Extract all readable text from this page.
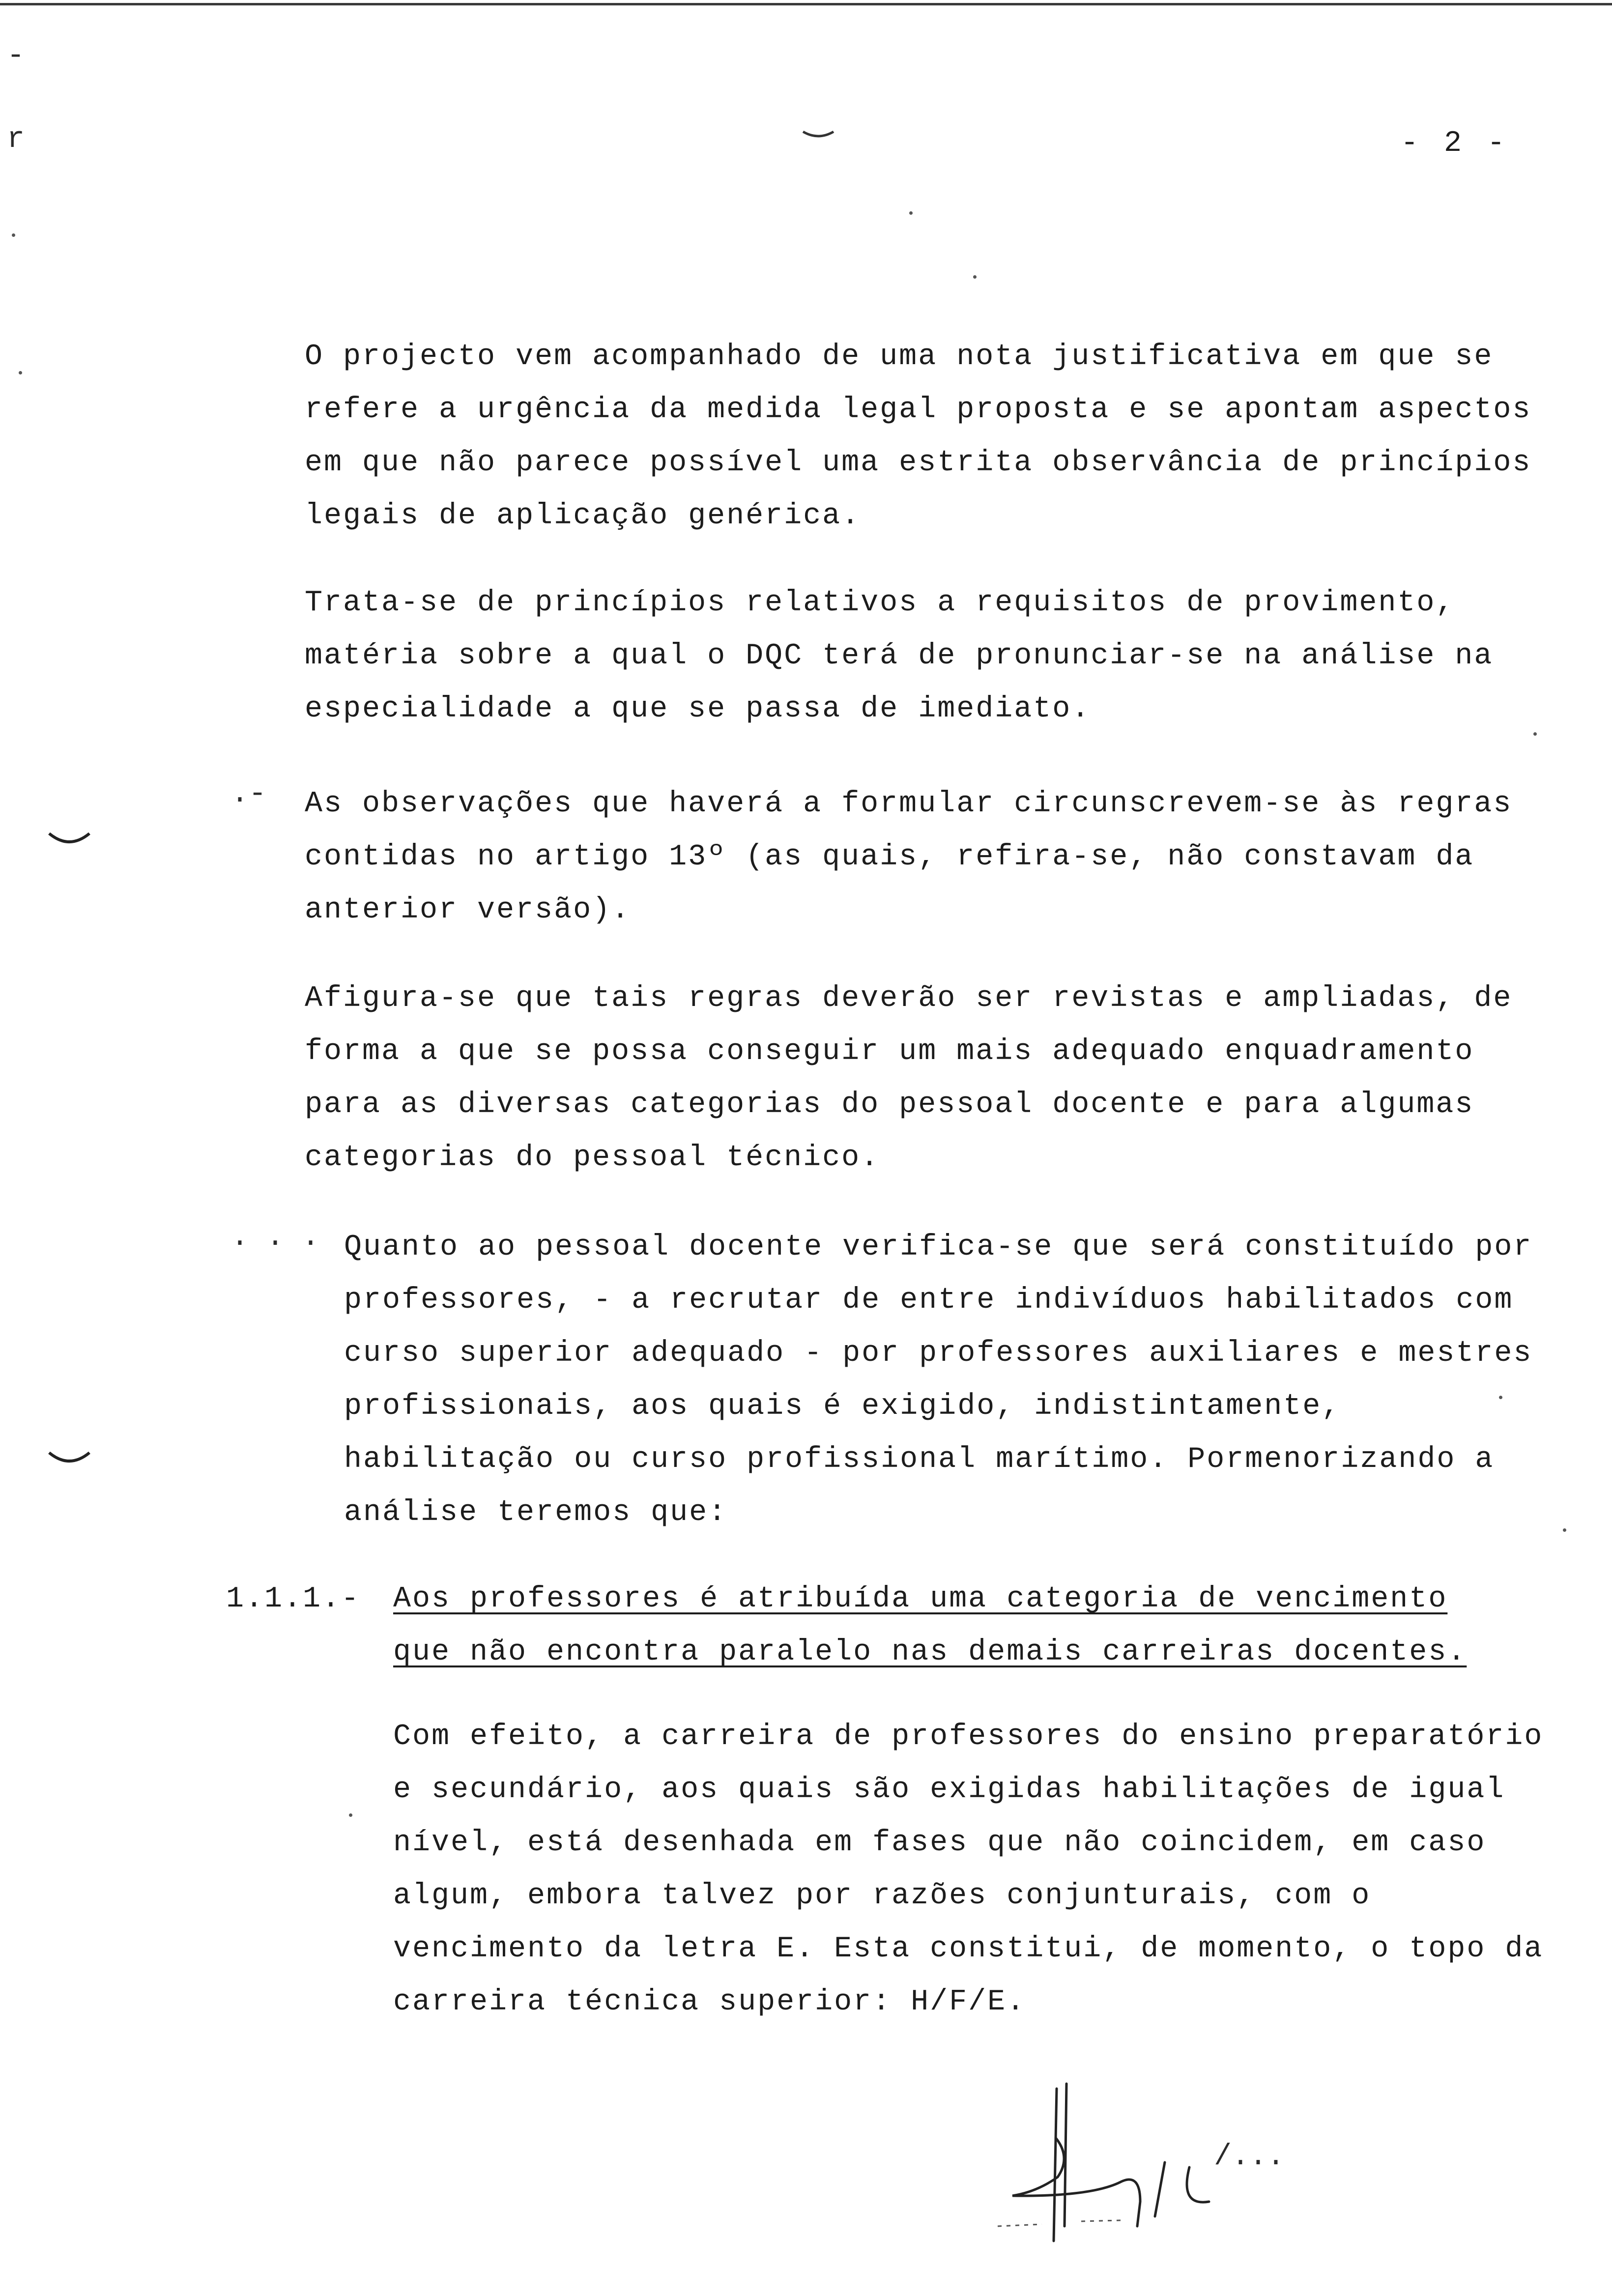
-
r	- 2 -

O projecto vem acompanhado de uma nota justificativa em que se refere a urgência da medida legal proposta e se apontam aspectos em que não parece possível uma estrita observância de princípios legais de aplicação genérica.

Trata-se de princípios relativos a requisitos de provimento, matéria sobre a qual o DQC terá de pronunciar-se na análise na especialidade a que se passa de imediato.

.- As observações que haverá a formular circunscrevem-se às regras contidas no artigo 13º (as quais, refira-se, não constavam da anterior versão).

Afigura-se que tais regras deverão ser revistas e ampliadas, de forma a que se possa conseguir um mais adequado enquadramento para as diversas categorias do pessoal docente e para algumas categorias do pessoal técnico.

. . . Quanto ao pessoal docente verifica-se que será constituído por professores, - a recrutar de entre indivíduos habilitados com curso superior adequado - por professores auxiliares e mestres profissionais, aos quais é exigido, indistintamente, habilitação ou curso profissional marítimo. Pormenorizando a análise teremos que:

1.1.1.- Aos professores é atribuída uma categoria de vencimento
que não encontra paralelo nas demais carreiras docentes.

Com efeito, a carreira de professores do ensino preparatório e secundário, aos quais são exigidas habilitações de igual nível, está desenhada em fases que não coincidem, em caso algum, embora talvez por razões conjunturais, com o vencimento da letra E. Esta constitui, de momento, o topo da carreira técnica superior: H/F/E.

/...
